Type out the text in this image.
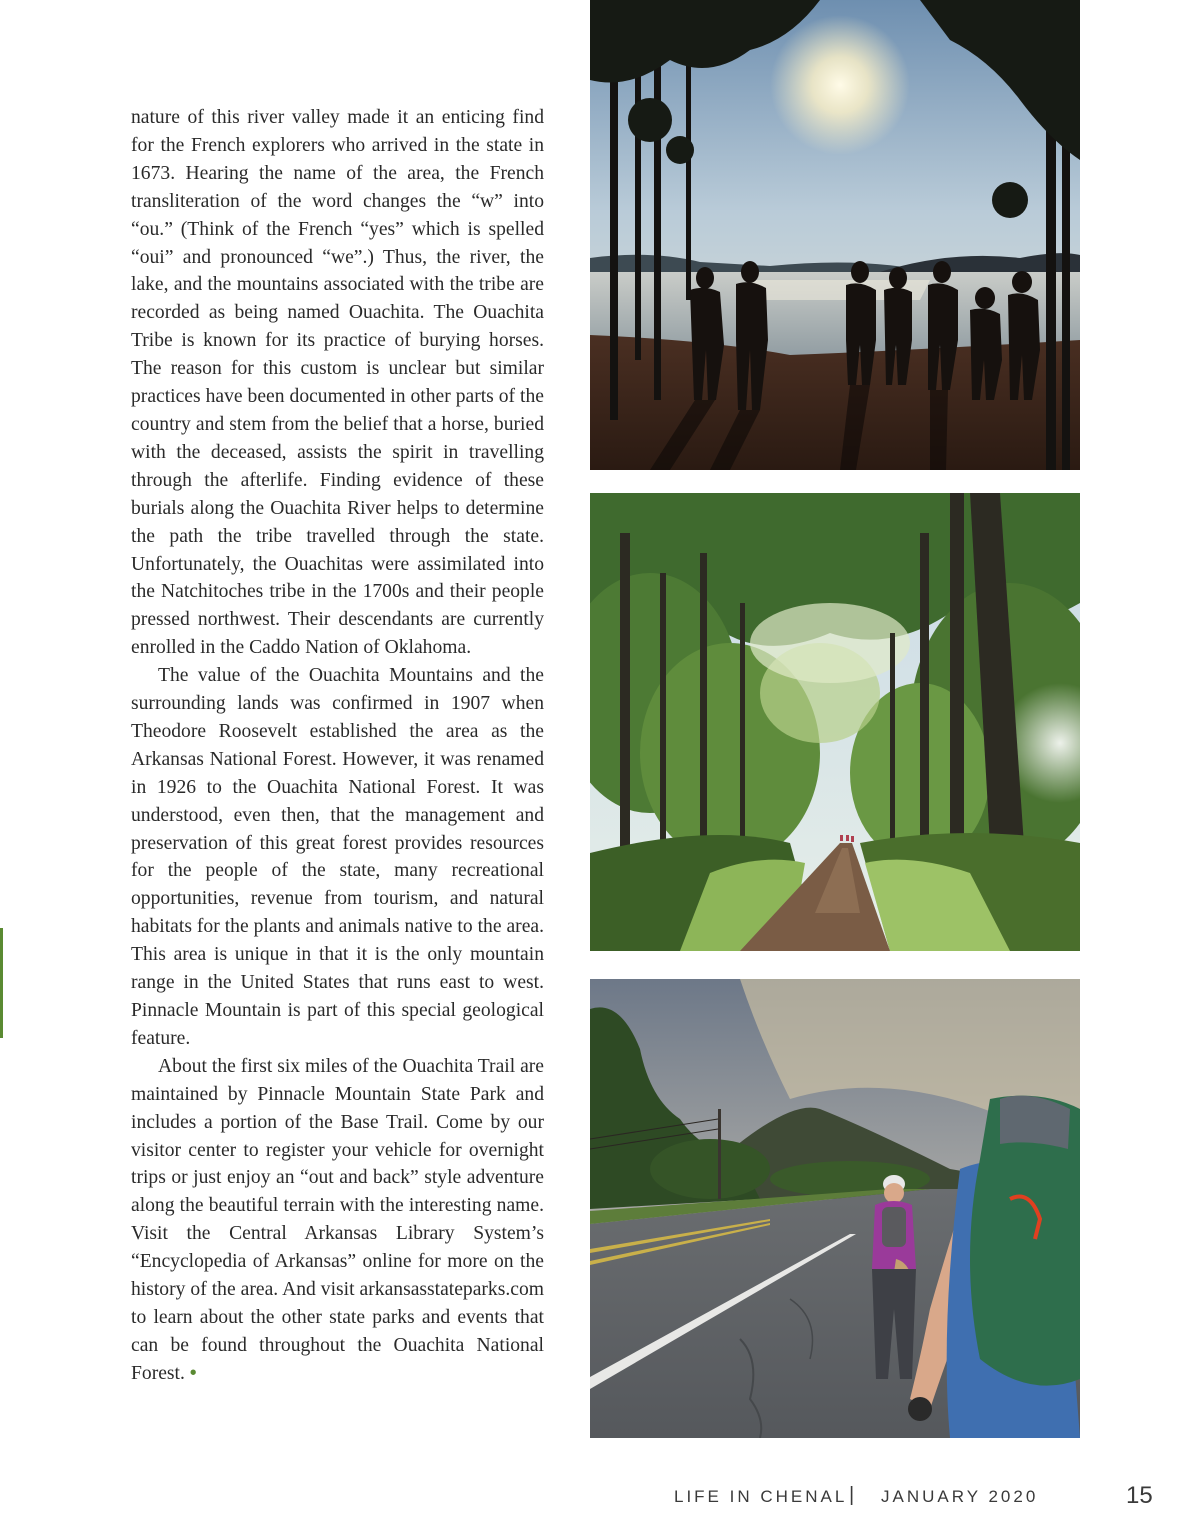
nature of this river valley made it an enticing find for the French explorers who arrived in the state in 1673. Hearing the name of the area, the French transliteration of the word changes the “w” into “ou.” (Think of the French “yes” which is spelled “oui” and pronounced “we”.) Thus, the river, the lake, and the mountains associated with the tribe are recorded as being named Ouachita. The Ouachita Tribe is known for its practice of burying horses. The reason for this custom is unclear but similar practices have been documented in other parts of the country and stem from the belief that a horse, buried with the deceased, assists the spirit in travelling through the afterlife. Finding evidence of these burials along the Ouachita River helps to determine the path the tribe travelled through the state. Unfortunately, the Ouachitas were assimilated into the Natchitoches tribe in the 1700s and their people pressed northwest. Their descendants are currently enrolled in the Caddo Nation of Oklahoma.

The value of the Ouachita Mountains and the surrounding lands was confirmed in 1907 when Theodore Roosevelt established the area as the Arkansas National Forest. However, it was renamed in 1926 to the Ouachita National Forest. It was understood, even then, that the management and preservation of this great forest provides resources for the people of the state, many recreational opportunities, revenue from tourism, and natural habitats for the plants and animals native to the area. This area is unique in that it is the only mountain range in the United States that runs east to west. Pinnacle Mountain is part of this special geological feature.

About the first six miles of the Ouachita Trail are maintained by Pinnacle Mountain State Park and includes a portion of the Base Trail. Come by our visitor center to register your vehicle for overnight trips or just enjoy an “out and back” style adventure along the beautiful terrain with the interesting name. Visit the Central Arkansas Library System’s “Encyclopedia of Arkansas” online for more on the history of the area. And visit arkansasstateparks.com to learn about the other state parks and events that can be found throughout the Ouachita National Forest. •

LIFE IN CHENAL | JANUARY 2020	15
